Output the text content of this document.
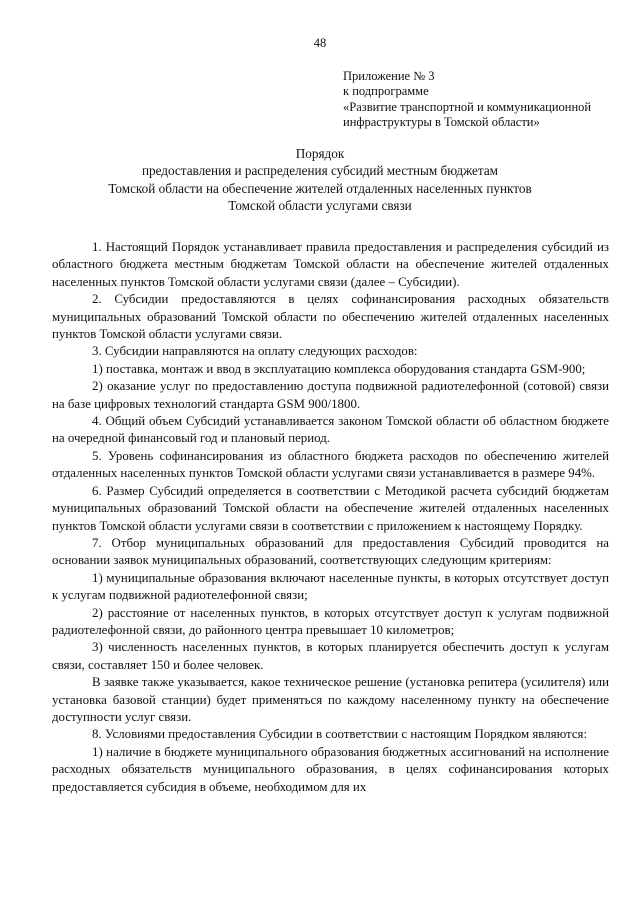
48
Приложение № 3
к подпрограмме
«Развитие транспортной и коммуникационной
инфраструктуры в Томской области»
Порядок
предоставления и распределения субсидий местным бюджетам
Томской области на обеспечение жителей отдаленных населенных пунктов
Томской области услугами связи

1. Настоящий Порядок устанавливает правила предоставления и распределения субсидий из областного бюджета местным бюджетам Томской области на обеспечение жителей отдаленных населенных пунктов Томской области услугами связи (далее – Субсидии).

2. Субсидии предоставляются в целях софинансирования расходных обязательств муниципальных образований Томской области по обеспечению жителей отдаленных населенных пунктов Томской области услугами связи.

3. Субсидии направляются на оплату следующих расходов:

1) поставка, монтаж и ввод в эксплуатацию комплекса оборудования стандарта GSM-900;

2) оказание услуг по предоставлению доступа подвижной радиотелефонной (сотовой) связи на базе цифровых технологий стандарта GSM 900/1800.

4. Общий объем Субсидий устанавливается законом Томской области об областном бюджете на очередной финансовый год и плановый период.

5. Уровень софинансирования из областного бюджета расходов по обеспечению жителей отдаленных населенных пунктов Томской области услугами связи устанавливается в размере 94%.

6. Размер Субсидий определяется в соответствии с Методикой расчета субсидий бюджетам муниципальных образований Томской области на обеспечение жителей отдаленных населенных пунктов Томской области услугами связи в соответствии с приложением к настоящему Порядку.

7. Отбор муниципальных образований для предоставления Субсидий проводится на основании заявок муниципальных образований, соответствующих следующим критериям:

1) муниципальные образования включают населенные пункты, в которых отсутствует доступ к услугам подвижной радиотелефонной связи;

2) расстояние от населенных пунктов, в которых отсутствует доступ к услугам подвижной радиотелефонной связи, до районного центра превышает 10 километров;

3) численность населенных пунктов, в которых планируется обеспечить доступ к услугам связи, составляет 150 и более человек.

В заявке также указывается, какое техническое решение (установка репитера (усилителя) или установка базовой станции) будет применяться по каждому населенному пункту на обеспечение доступности услуг связи.

8. Условиями предоставления Субсидии в соответствии с настоящим Порядком являются:

1) наличие в бюджете муниципального образования бюджетных ассигнований на исполнение расходных обязательств муниципального образования, в целях софинансирования которых предоставляется субсидия в объеме, необходимом для их
